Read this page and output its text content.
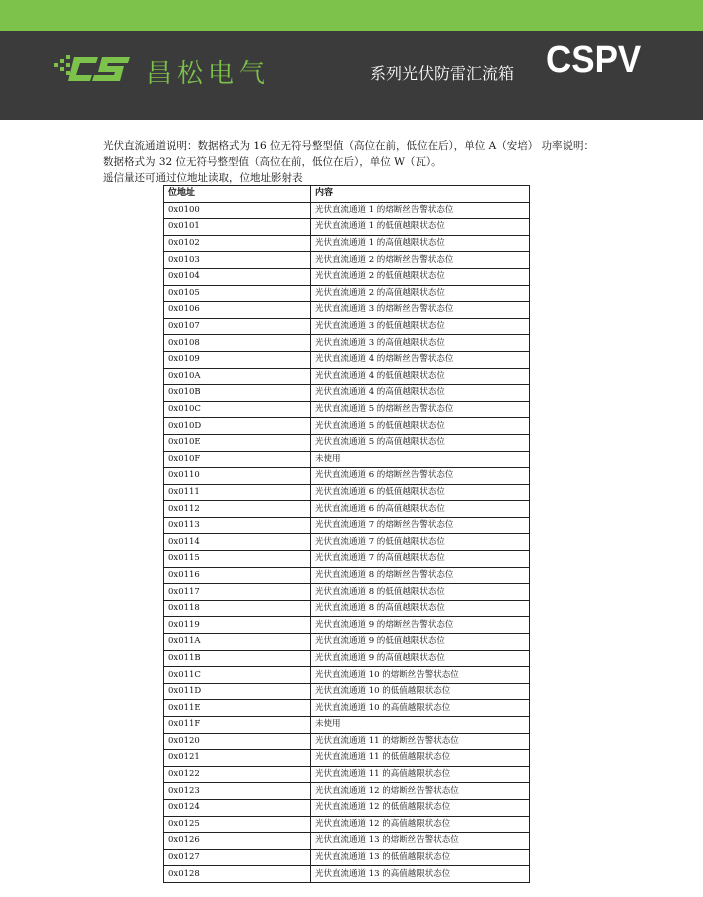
昌松电气	系列光伏防雷汇流箱 CSPV

光伏直流通道说明：数据格式为 16 位无符号整型值（高位在前，低位在后），单位 A（安培） 功率说明：

数据格式为 32 位无符号整型值（高位在前，低位在后），单位 W（瓦）。

遥信量还可通过位地址读取，位地址影射表

位地址	内容
0x0100	光伏直流通道 1 的熔断丝告警状态位
0x0101	光伏直流通道 1 的低值越限状态位
0x0102	光伏直流通道 1 的高值越限状态位
0x0103	光伏直流通道 2 的熔断丝告警状态位
0x0104	光伏直流通道 2 的低值越限状态位
0x0105	光伏直流通道 2 的高值越限状态位
0x0106	光伏直流通道 3 的熔断丝告警状态位
0x0107	光伏直流通道 3 的低值越限状态位
0x0108	光伏直流通道 3 的高值越限状态位
0x0109	光伏直流通道 4 的熔断丝告警状态位
0x010A	光伏直流通道 4 的低值越限状态位
0x010B	光伏直流通道 4 的高值越限状态位
0x010C	光伏直流通道 5 的熔断丝告警状态位
0x010D	光伏直流通道 5 的低值越限状态位
0x010E	光伏直流通道 5 的高值越限状态位
0x010F	未使用
0x0110	光伏直流通道 6 的熔断丝告警状态位
0x0111	光伏直流通道 6 的低值越限状态位
0x0112	光伏直流通道 6 的高值越限状态位
0x0113	光伏直流通道 7 的熔断丝告警状态位
0x0114	光伏直流通道 7 的低值越限状态位
0x0115	光伏直流通道 7 的高值越限状态位
0x0116	光伏直流通道 8 的熔断丝告警状态位
0x0117	光伏直流通道 8 的低值越限状态位
0x0118	光伏直流通道 8 的高值越限状态位
0x0119	光伏直流通道 9 的熔断丝告警状态位
0x011A	光伏直流通道 9 的低值越限状态位
0x011B	光伏直流通道 9 的高值越限状态位
0x011C	光伏直流通道 10 的熔断丝告警状态位
0x011D	光伏直流通道 10 的低值越限状态位
0x011E	光伏直流通道 10 的高值越限状态位
0x011F	未使用
0x0120	光伏直流通道 11 的熔断丝告警状态位
0x0121	光伏直流通道 11 的低值越限状态位
0x0122	光伏直流通道 11 的高值越限状态位
0x0123	光伏直流通道 12 的熔断丝告警状态位
0x0124	光伏直流通道 12 的低值越限状态位
0x0125	光伏直流通道 12 的高值越限状态位
0x0126	光伏直流通道 13 的熔断丝告警状态位
0x0127	光伏直流通道 13 的低值越限状态位
0x0128	光伏直流通道 13 的高值越限状态位
